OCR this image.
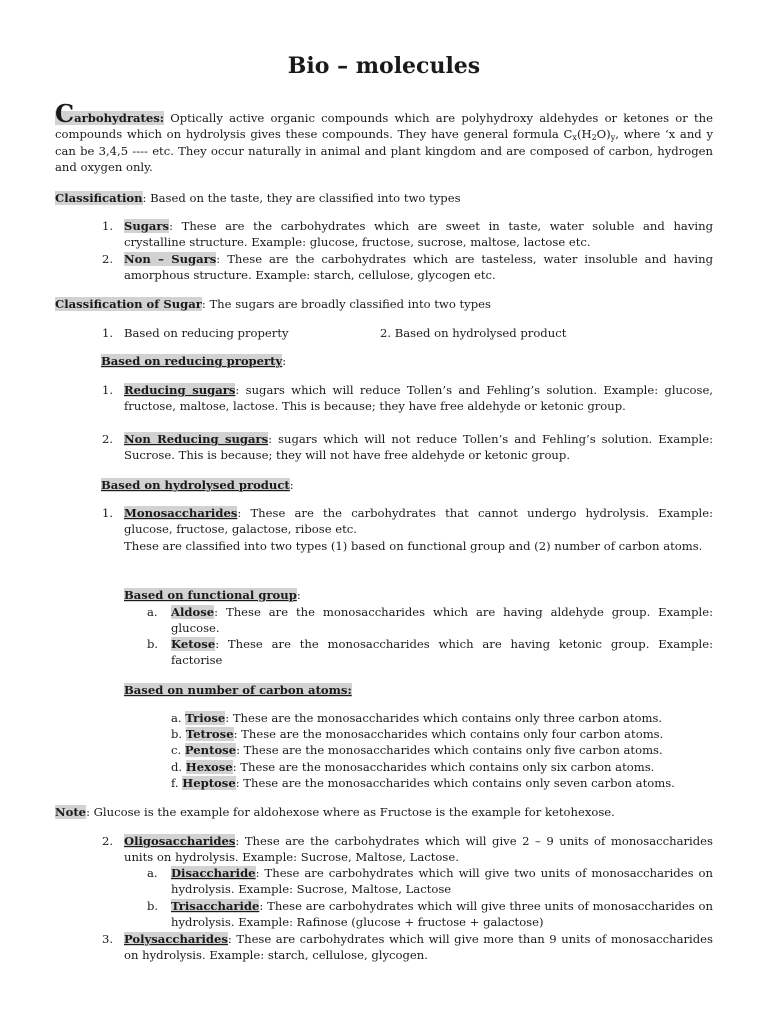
Bio – molecules
Carbohydrates: Optically active organic compounds which are polyhydroxy aldehydes or ketones or the compounds which on hydrolysis gives these compounds. They have general formula $C_x(H_2O)_y$, where ‘x and y can be 3,4,5 ---- etc. They occur naturally in animal and plant kingdom and are composed of carbon, hydrogen and oxygen only.
Classification: Based on the taste, they are classified into two types
1. Sugars: These are the carbohydrates which are sweet in taste, water soluble and having crystalline structure. Example: glucose, fructose, sucrose, maltose, lactose etc.
2. Non – Sugars: These are the carbohydrates which are tasteless, water insoluble and having amorphous structure. Example: starch, cellulose, glycogen etc.
Classification of Sugar: The sugars are broadly classified into two types
1. Based on reducing property	2. Based on hydrolysed product
Based on reducing property:
1. Reducing sugars: sugars which will reduce Tollen’s and Fehling’s solution. Example: glucose, fructose, maltose, lactose. This is because; they have free aldehyde or ketonic group.
2. Non Reducing sugars: sugars which will not reduce Tollen’s and Fehling’s solution. Example: Sucrose. This is because; they will not have free aldehyde or ketonic group.
Based on hydrolysed product:
1. Monosaccharides: These are the carbohydrates that cannot undergo hydrolysis. Example: glucose, fructose, galactose, ribose etc.
These are classified into two types (1) based on functional group and (2) number of carbon atoms.
Based on functional group:
a. Aldose: These are the monosaccharides which are having aldehyde group. Example: glucose.
b. Ketose: These are the monosaccharides which are having ketonic group. Example: factorise
Based on number of carbon atoms:
a. Triose: These are the monosaccharides which contains only three carbon atoms.
b. Tetrose: These are the monosaccharides which contains only four carbon atoms.
c. Pentose: These are the monosaccharides which contains only five carbon atoms.
d. Hexose: These are the monosaccharides which contains only six carbon atoms.
f. Heptose: These are the monosaccharides which contains only seven carbon atoms.
Note: Glucose is the example for aldohexose where as Fructose is the example for ketohexose.
2. Oligosaccharides: These are the carbohydrates which will give 2 – 9 units of monosaccharides units on hydrolysis. Example: Sucrose, Maltose, Lactose.
a. Disaccharide: These are carbohydrates which will give two units of monosaccharides on hydrolysis. Example: Sucrose, Maltose, Lactose
b. Trisaccharide: These are carbohydrates which will give three units of monosaccharides on hydrolysis. Example: Rafinose (glucose + fructose + galactose)
3. Polysaccharides: These are carbohydrates which will give more than 9 units of monosaccharides on hydrolysis. Example: starch, cellulose, glycogen.
